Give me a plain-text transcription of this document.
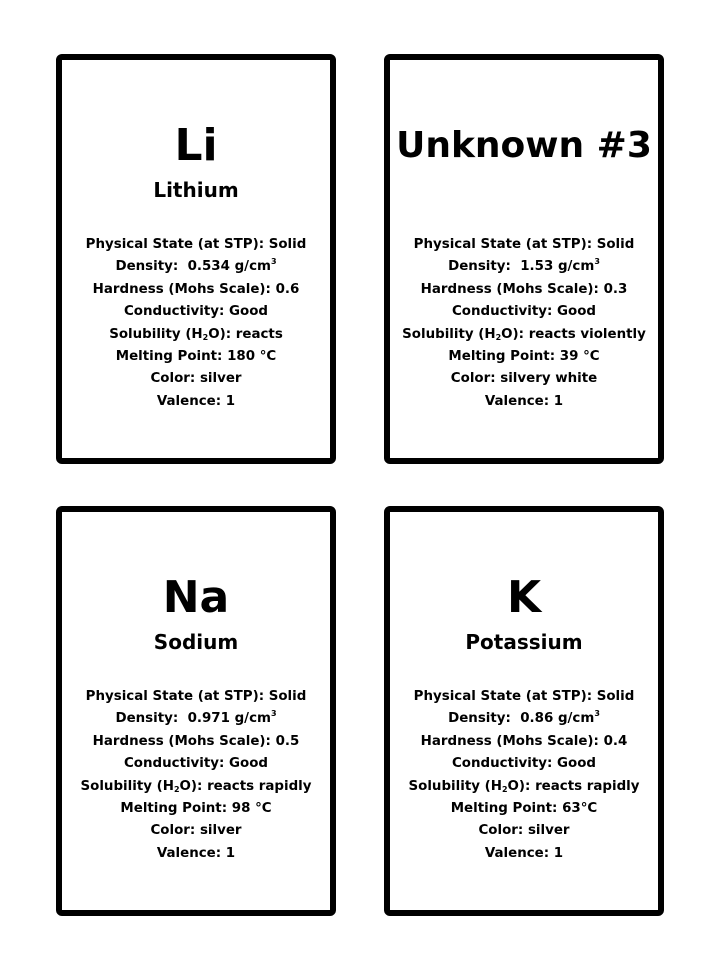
Li
Lithium
Physical State (at STP): Solid
Density: 0.534 $g/cm^3$
Hardness (Mohs Scale): 0.6
Conductivity: Good
Solubility $(H_2O)$: reacts
Melting Point: 180 °C
Color: silver
Valence: 1
Unknown #3
Physical State (at STP): Solid
Density: 1.53 $g/cm^3$
Hardness (Mohs Scale): 0.3
Conductivity: Good
Solubility $(H_2O)$: reacts violently
Melting Point: 39 °C
Color: silvery white
Valence: 1
Na
Sodium
Physical State (at STP): Solid
Density: 0.971 $g/cm^3$
Hardness (Mohs Scale): 0.5
Conductivity: Good
Solubility $(H_2O)$: reacts rapidly
Melting Point: 98 °C
Color: silver
Valence: 1
K
Potassium
Physical State (at STP): Solid
Density: 0.86 $g/cm^3$
Hardness (Mohs Scale): 0.4
Conductivity: Good
Solubility $(H_2O)$: reacts rapidly
Melting Point: 63°C
Color: silver
Valence: 1
